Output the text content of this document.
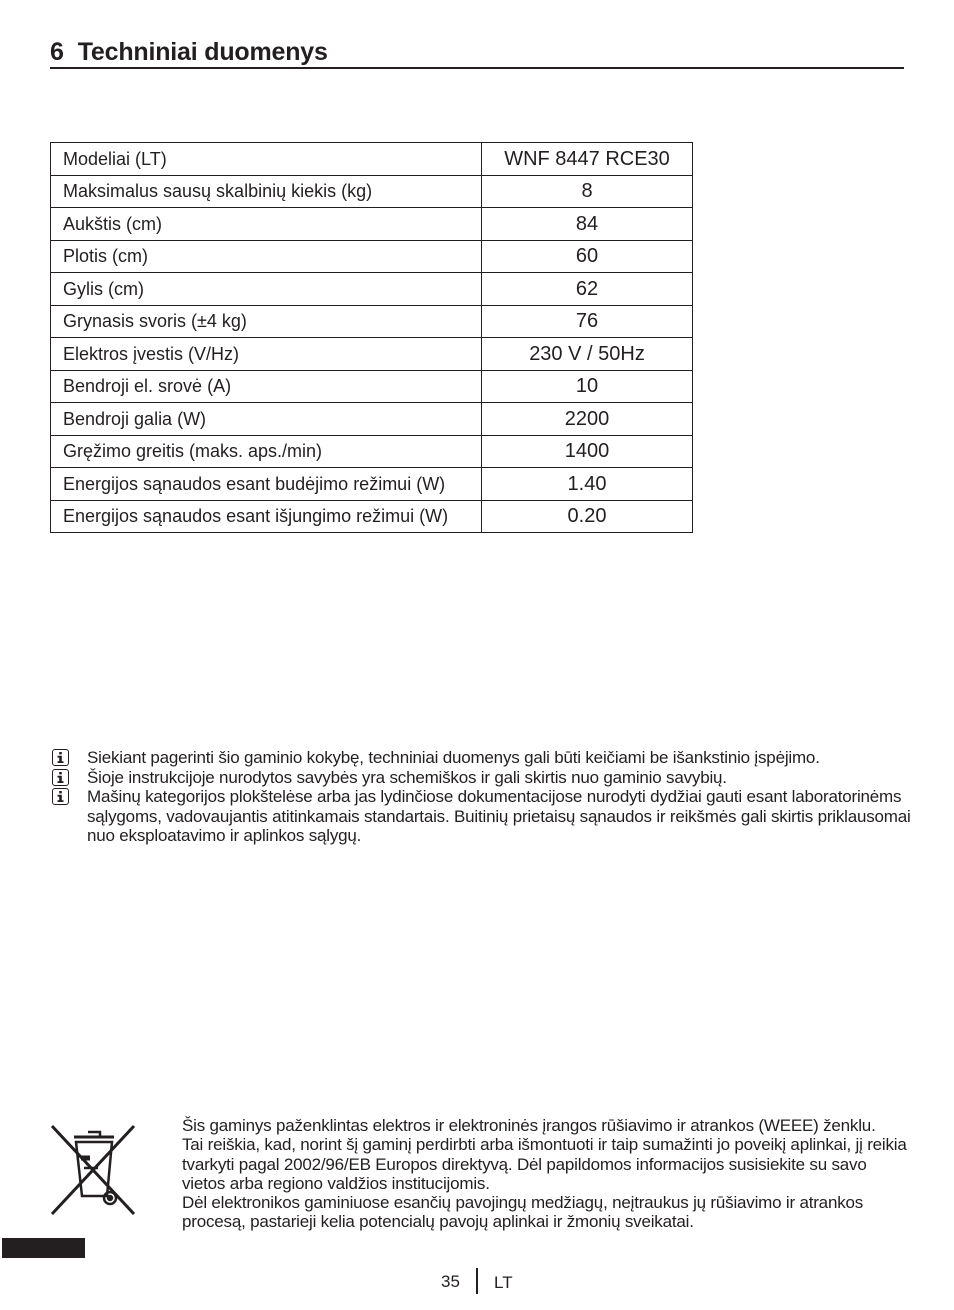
6 Techniniai duomenys
Modeliai (LT)	WNF 8447 RCE30
Maksimalus sausų skalbinių kiekis (kg)	8
Aukštis (cm)	84
Plotis (cm)	60
Gylis (cm)	62
Grynasis svoris (±4 kg)	76
Elektros įvestis (V/Hz)	230 V / 50Hz
Bendroji el. srovė (A)	10
Bendroji galia (W)	2200
Gręžimo greitis (maks. aps./min)	1400
Energijos sąnaudos esant budėjimo režimui (W)	1.40
Energijos sąnaudos esant išjungimo režimui (W)	0.20
Siekiant pagerinti šio gaminio kokybę, techniniai duomenys gali būti keičiami be išankstinio įspėjimo.
Šioje instrukcijoje nurodytos savybės yra schemiškos ir gali skirtis nuo gaminio savybių.
Mašinų kategorijos plokštelėse arba jas lydinčiose dokumentacijose nurodyti dydžiai gauti esant laboratorinėms sąlygoms, vadovaujantis atitinkamais standartais. Buitinių prietaisų sąnaudos ir reikšmės gali skirtis priklausomai nuo eksploatavimo ir aplinkos sąlygų.
Šis gaminys paženklintas elektros ir elektroninės įrangos rūšiavimo ir atrankos (WEEE) ženklu.
Tai reiškia, kad, norint šį gaminį perdirbti arba išmontuoti ir taip sumažinti jo poveikį aplinkai, jį reikia tvarkyti pagal 2002/96/EB Europos direktyvą. Dėl papildomos informacijos susisiekite su savo vietos arba regiono valdžios institucijomis.
Dėl elektronikos gaminiuose esančių pavojingų medžiagų, neįtraukus jų rūšiavimo ir atrankos procesą, pastarieji kelia potencialų pavojų aplinkai ir žmonių sveikatai.
35 LT
